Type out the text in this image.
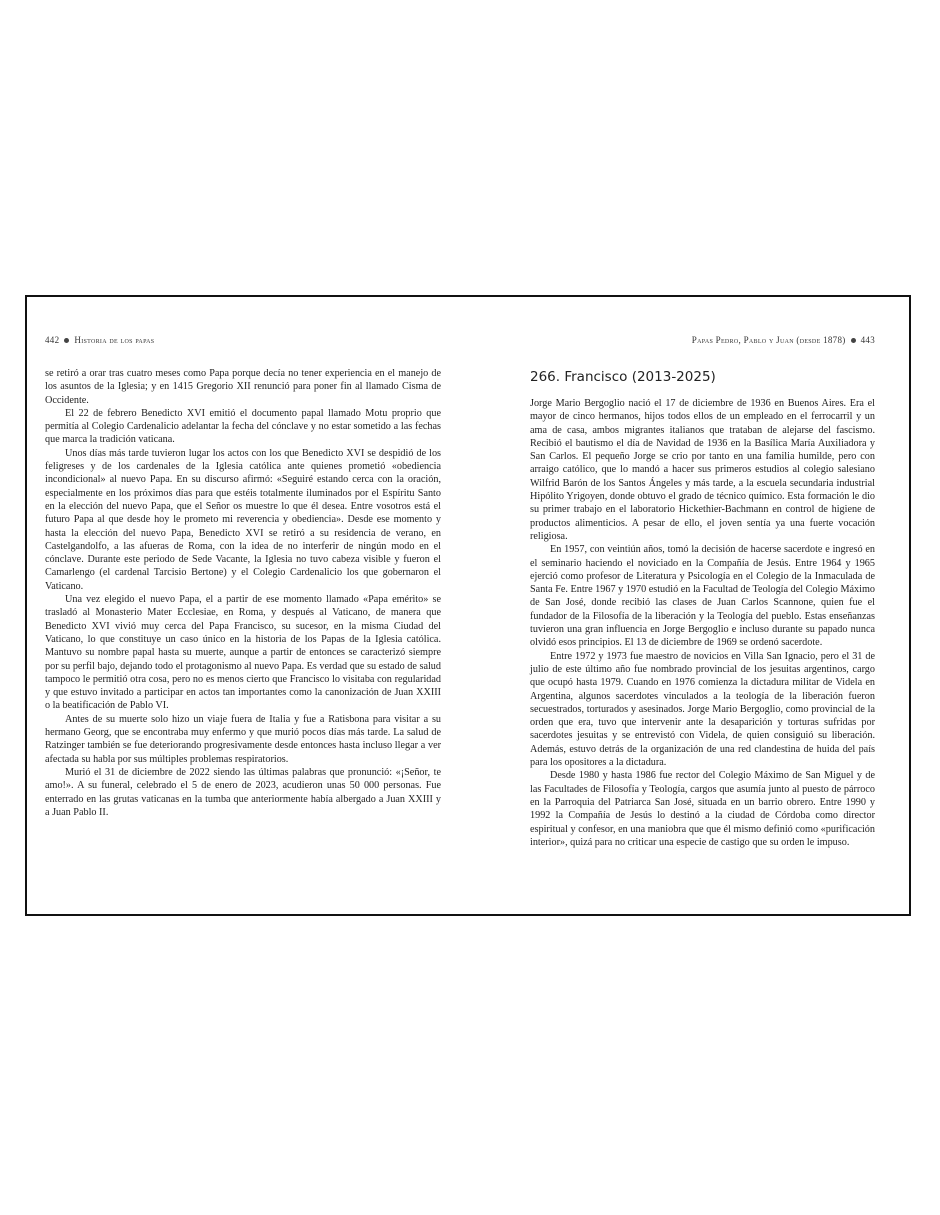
442 Historia de los papas

se retiró a orar tras cuatro meses como Papa porque decía no tener experiencia en el manejo de los asuntos de la Iglesia; y en 1415 Gregorio XII renunció para poner fin al llamado Cisma de Occidente.

El 22 de febrero Benedicto XVI emitió el documento papal llamado Motu proprio que permitía al Colegio Cardenalicio adelantar la fecha del cónclave y no estar sometido a las fechas que marca la tradición vaticana.

Unos días más tarde tuvieron lugar los actos con los que Benedicto XVI se despidió de los feligreses y de los cardenales de la Iglesia católica ante quienes prometió «obediencia incondicional» al nuevo Papa. En su discurso afirmó: «Seguiré estando cerca con la oración, especialmente en los próximos días para que estéis totalmente iluminados por el Espíritu Santo en la elección del nuevo Papa, que el Señor os muestre lo que él desea. Entre vosotros está el futuro Papa al que desde hoy le prometo mi reverencia y obediencia». Desde ese momento y hasta la elección del nuevo Papa, Benedicto XVI se retiró a su residencia de verano, en Castelgandolfo, a las afueras de Roma, con la idea de no interferir de ningún modo en el cónclave. Durante este periodo de Sede Vacante, la Iglesia no tuvo cabeza visible y fueron el Camarlengo (el cardenal Tarcisio Bertone) y el Colegio Cardenalicio los que gobernaron el Vaticano.

Una vez elegido el nuevo Papa, el a partir de ese momento llamado «Papa emérito» se trasladó al Monasterio Mater Ecclesiae, en Roma, y después al Vaticano, de manera que Benedicto XVI vivió muy cerca del Papa Francisco, su sucesor, en la misma Ciudad del Vaticano, lo que constituye un caso único en la historia de los Papas de la Iglesia católica. Mantuvo su nombre papal hasta su muerte, aunque a partir de entonces se caracterizó siempre por su perfil bajo, dejando todo el protagonismo al nuevo Papa. Es verdad que su estado de salud tampoco le permitió otra cosa, pero no es menos cierto que Francisco lo visitaba con regularidad y que estuvo invitado a participar en actos tan importantes como la canonización de Juan XXIII o la beatificación de Pablo VI.

Antes de su muerte solo hizo un viaje fuera de Italia y fue a Ratisbona para visitar a su hermano Georg, que se encontraba muy enfermo y que murió pocos días más tarde. La salud de Ratzinger también se fue deteriorando progresivamente desde entonces hasta incluso llegar a ver afectada su habla por sus múltiples problemas respiratorios.

Murió el 31 de diciembre de 2022 siendo las últimas palabras que pronunció: «¡Señor, te amo!». A su funeral, celebrado el 5 de enero de 2023, acudieron unas 50 000 personas. Fue enterrado en las grutas vaticanas en la tumba que anteriormente había albergado a Juan XXIII y a Juan Pablo II.

Papas Pedro, Pablo y Juan (desde 1878) 443
266. Francisco (2013-2025)

Jorge Mario Bergoglio nació el 17 de diciembre de 1936 en Buenos Aires. Era el mayor de cinco hermanos, hijos todos ellos de un empleado en el ferrocarril y un ama de casa, ambos migrantes italianos que trataban de alejarse del fascismo. Recibió el bautismo el día de Navidad de 1936 en la Basílica María Auxiliadora y San Carlos. El pequeño Jorge se crio por tanto en una familia humilde, pero con arraigo católico, que lo mandó a hacer sus primeros estudios al colegio salesiano Wilfrid Barón de los Santos Ángeles y más tarde, a la escuela secundaria industrial Hipólito Yrigoyen, donde obtuvo el grado de técnico químico. Esta formación le dio su primer trabajo en el laboratorio Hickethier-Bachmann en control de higiene de productos alimenticios. A pesar de ello, el joven sentía ya una fuerte vocación religiosa.

En 1957, con veintiún años, tomó la decisión de hacerse sacerdote e ingresó en el seminario haciendo el noviciado en la Compañía de Jesús. Entre 1964 y 1965 ejerció como profesor de Literatura y Psicología en el Colegio de la Inmaculada de Santa Fe. Entre 1967 y 1970 estudió en la Facultad de Teología del Colegio Máximo de San José, donde recibió las clases de Juan Carlos Scannone, quien fue el fundador de la Filosofía de la liberación y la Teología del pueblo. Estas enseñanzas tuvieron una gran influencia en Jorge Bergoglio e incluso durante su papado nunca olvidó esos principios. El 13 de diciembre de 1969 se ordenó sacerdote.

Entre 1972 y 1973 fue maestro de novicios en Villa San Ignacio, pero el 31 de julio de este último año fue nombrado provincial de los jesuitas argentinos, cargo que ocupó hasta 1979. Cuando en 1976 comienza la dictadura militar de Videla en Argentina, algunos sacerdotes vinculados a la teología de la liberación fueron secuestrados, torturados y asesinados. Jorge Mario Bergoglio, como provincial de la orden que era, tuvo que intervenir ante la desaparición y torturas sufridas por sacerdotes jesuitas y se entrevistó con Videla, de quien consiguió su liberación. Además, estuvo detrás de la organización de una red clandestina de huida del país para los opositores a la dictadura.

Desde 1980 y hasta 1986 fue rector del Colegio Máximo de San Miguel y de las Facultades de Filosofía y Teología, cargos que asumía junto al puesto de párroco en la Parroquia del Patriarca San José, situada en un barrio obrero. Entre 1990 y 1992 la Compañía de Jesús lo destinó a la ciudad de Córdoba como director espiritual y confesor, en una maniobra que que él mismo definió como «purificación interior», quizá para no criticar una especie de castigo que su orden le impuso.
